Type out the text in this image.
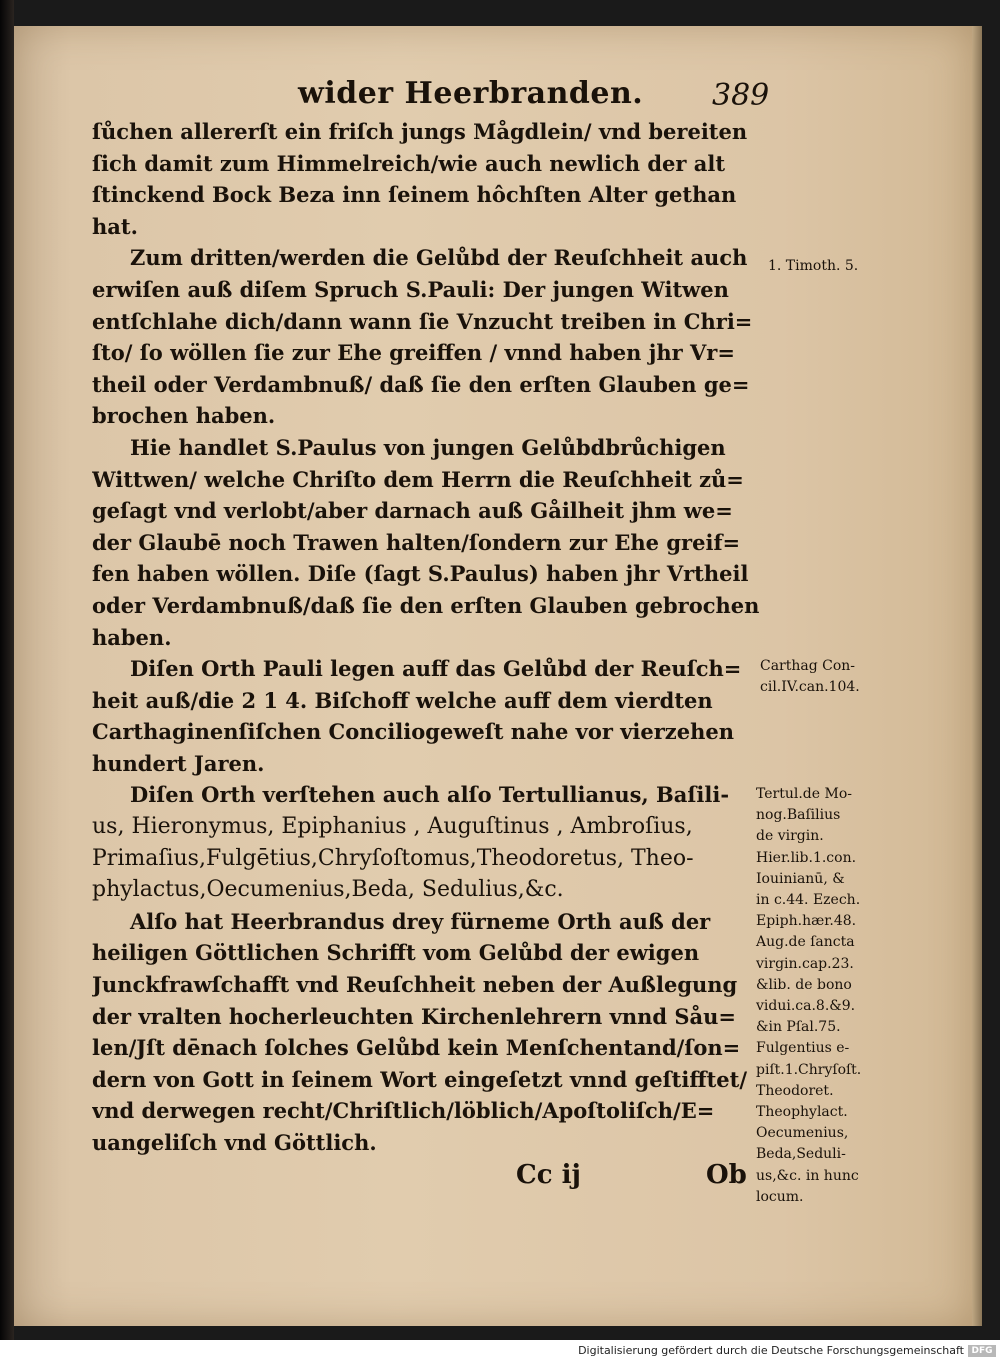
wider Heerbranden. 389
ſůchen allererſt ein friſch jungs Mågdlein/ vnd bereiten
ſich damit zum Himmelreich/wie auch newlich der alt
ſtinckend Bock Beza inn ſeinem hôchſten Alter gethan
hat.
Zum dritten/werden die Gelůbd der Reuſchheit auch
erwiſen auß diſem Spruch S.Pauli: Der jungen Witwen
entſchlahe dich/dann wann ſie Vnzucht treiben in Chri=
ſto/ ſo wöllen ſie zur Ehe greiffen / vnnd haben jhr Vr=
theil oder Verdambnuß/ daß ſie den erſten Glauben ge=
brochen haben.
Hie handlet S.Paulus von jungen Gelůbdbrůchigen
Wittwen/ welche Chriſto dem Herrn die Reuſchheit zů=
geſagt vnd verlobt/aber darnach auß Gåilheit jhm we=
der Glaubē noch Trawen halten/ſondern zur Ehe greif=
fen haben wöllen. Diſe (ſagt S.Paulus) haben jhr Vrtheil
oder Verdambnuß/daß ſie den erſten Glauben gebrochen
haben.
Diſen Orth Pauli legen auff das Gelůbd der Reuſch=
heit auß/die 2 1 4. Biſchoff welche auff dem vierdten
Carthaginenſiſchen Conciliogeweſt nahe vor vierzehen
hundert Jaren.
Diſen Orth verſtehen auch alſo Tertullianus, Baſili-
us, Hieronymus, Epiphanius , Auguſtinus , Ambroſius,
Primaſius,Fulgētius,Chryſoſtomus,Theodoretus, Theo-
phylactus,Oecumenius,Beda, Sedulius,&c.
Alſo hat Heerbrandus drey fürneme Orth auß der
heiligen Göttlichen Schrifft vom Gelůbd der ewigen
Junckfrawſchafft vnd Reuſchheit neben der Außlegung
der vralten hocherleuchten Kirchenlehrern vnnd Såu=
len/Jſt dēnach ſolches Gelůbd kein Menſchentand/ſon=
dern von Gott in ſeinem Wort eingeſetzt vnnd geſtifftet/
vnd derwegen recht/Chriſtlich/löblich/Apoſtoliſch/E=
uangeliſch vnd Göttlich.
1. Timoth. 5.
Carthag Con-
cil.IV.can.104.
Tertul.de Mo-
nog.Baſilius
de virgin.
Hier.lib.1.con.
Iouinianū, &
in c.44. Ezech.
Epiph.hær.48.
Aug.de ſancta
virgin.cap.23.
&lib. de bono
vidui.ca.8.&9.
&in Pſal.75.
Fulgentius e-
piſt.1.Chryſoſt.
Theodoret.
Theophylact.
Oecumenius,
Beda,Seduli-
us,&c. in hunc
locum.
Cc ij	Ob
Digitalisierung gefördert durch die Deutsche Forschungsgemeinschaft DFG
